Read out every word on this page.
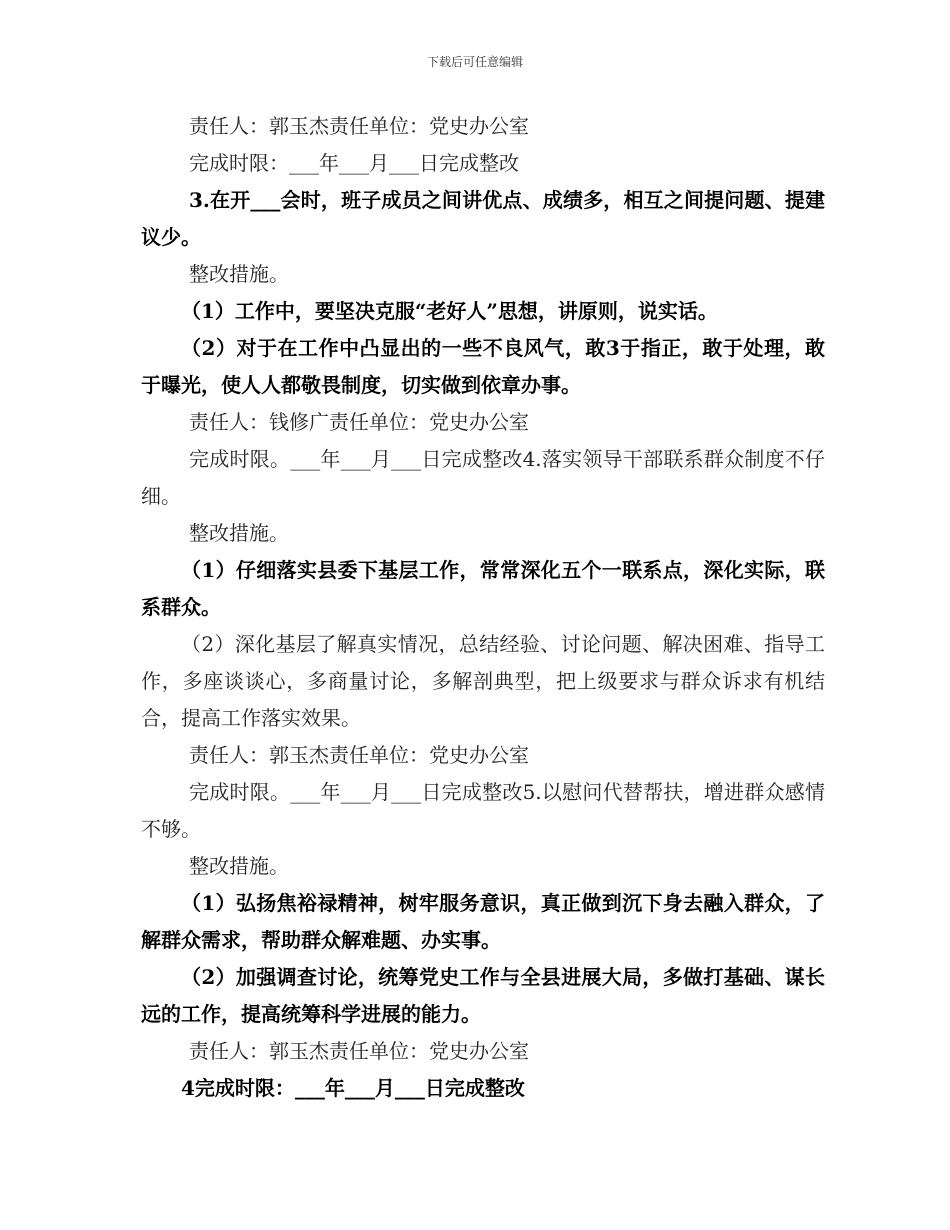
下载后可任意编辑

责任人：郭玉杰责任单位：党史办公室

完成时限：___年___月___日完成整改

3.在开___会时，班子成员之间讲优点、成绩多，相互之间提问题、提建议少。

整改措施。

（1）工作中，要坚决克服“老好人”思想，讲原则，说实话。

（2）对于在工作中凸显出的一些不良风气，敢3于指正，敢于处理，敢于曝光，使人人都敬畏制度，切实做到依章办事。

责任人：钱修广责任单位：党史办公室

完成时限。___年___月___日完成整改4.落实领导干部联系群众制度不仔细。

整改措施。

（1）仔细落实县委下基层工作，常常深化五个一联系点，深化实际，联系群众。

（2）深化基层了解真实情况，总结经验、讨论问题、解决困难、指导工作，多座谈谈心，多商量讨论，多解剖典型，把上级要求与群众诉求有机结合，提高工作落实效果。

责任人：郭玉杰责任单位：党史办公室

完成时限。___年___月___日完成整改5.以慰问代替帮扶，增进群众感情不够。

整改措施。

（1）弘扬焦裕禄精神，树牢服务意识，真正做到沉下身去融入群众，了解群众需求，帮助群众解难题、办实事。

（2）加强调查讨论，统筹党史工作与全县进展大局，多做打基础、谋长远的工作，提高统筹科学进展的能力。

责任人：郭玉杰责任单位：党史办公室

4完成时限：___年___月___日完成整改
